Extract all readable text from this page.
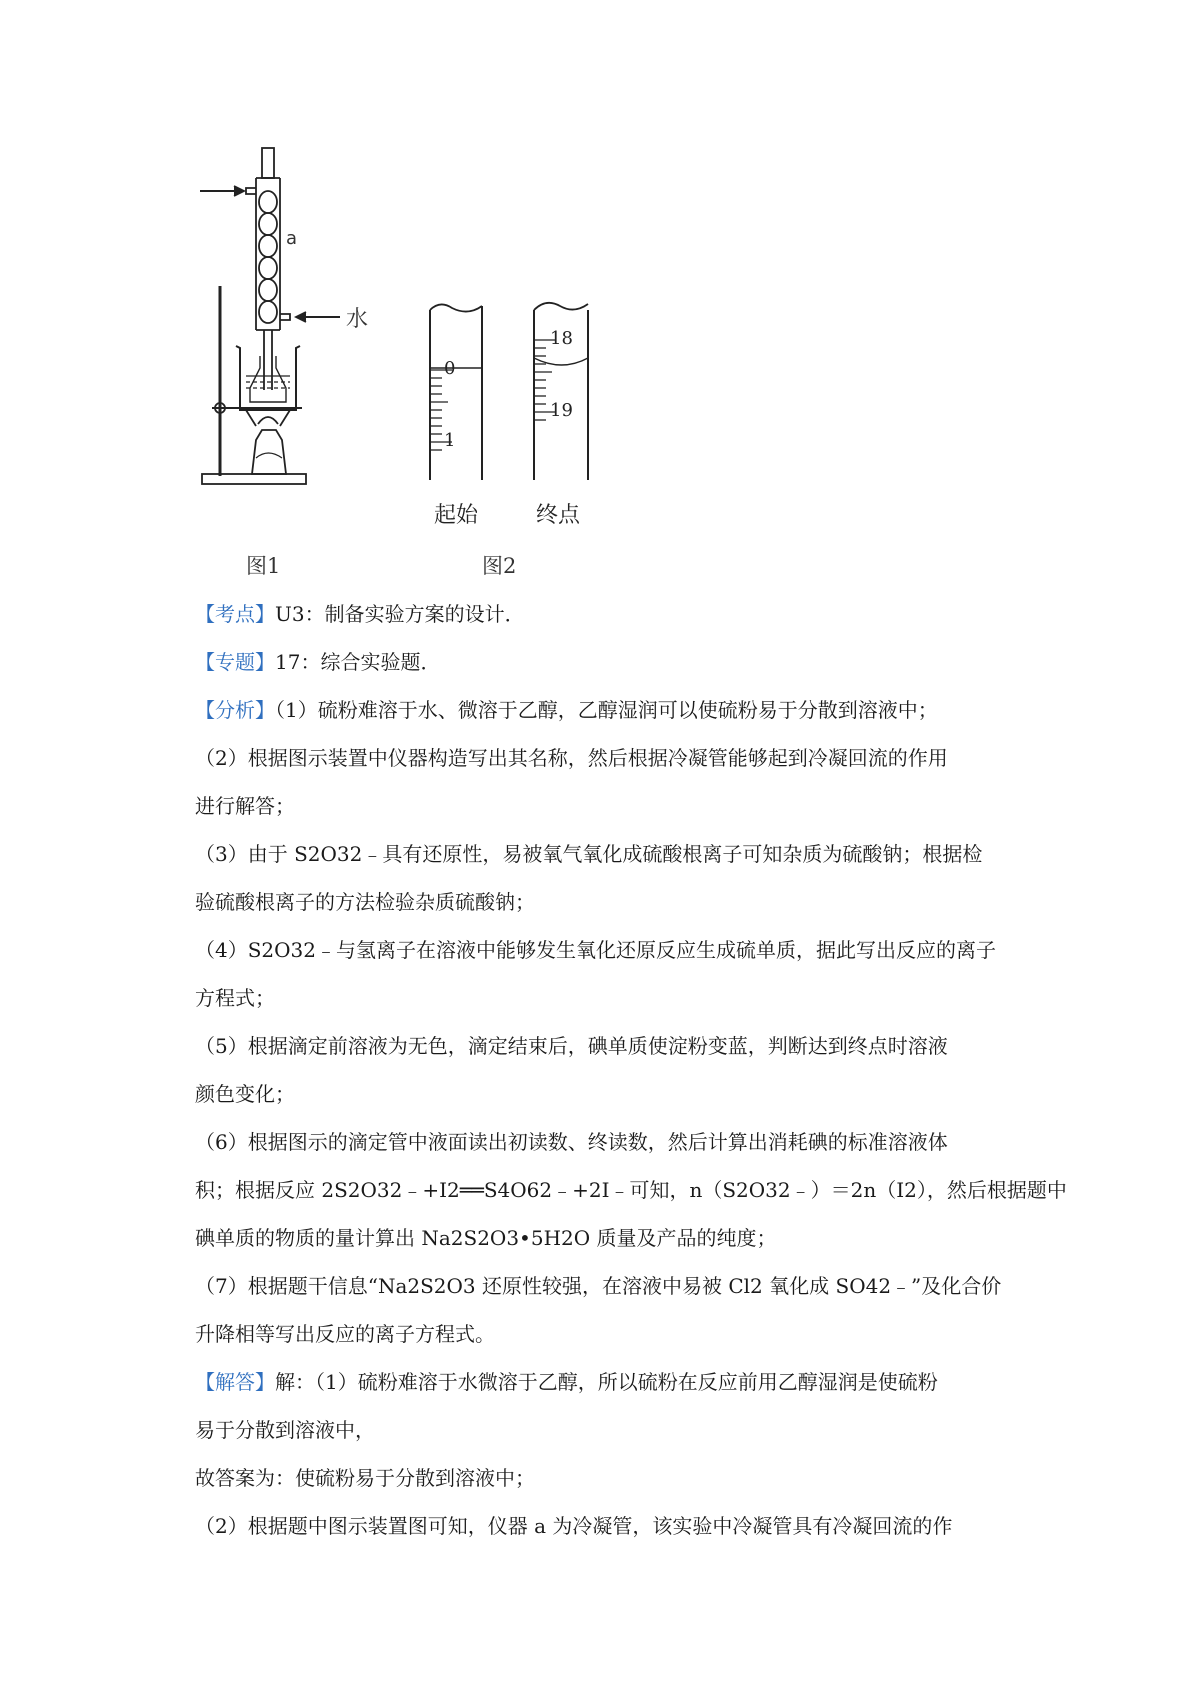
a
水
0
1
18
19
起始	终点
图1	图2
【考点】U3：制备实验方案的设计．
【专题】17：综合实验题．
【分析】（1）硫粉难溶于水、微溶于乙醇，乙醇湿润可以使硫粉易于分散到溶液中；
（2）根据图示装置中仪器构造写出其名称，然后根据冷凝管能够起到冷凝回流的作用
进行解答；
（3）由于 S2O32﹣具有还原性，易被氧气氧化成硫酸根离子可知杂质为硫酸钠；根据检
验硫酸根离子的方法检验杂质硫酸钠；
（4）S2O32﹣与氢离子在溶液中能够发生氧化还原反应生成硫单质，据此写出反应的离子
方程式；
（5）根据滴定前溶液为无色，滴定结束后，碘单质使淀粉变蓝，判断达到终点时溶液
颜色变化；
（6）根据图示的滴定管中液面读出初读数、终读数，然后计算出消耗碘的标准溶液体
积；根据反应 2S2O32﹣+I2══S4O62﹣+2I﹣可知，n（S2O32﹣）＝2n（I2），然后根据题中
碘单质的物质的量计算出 Na2S2O3•5H2O 质量及产品的纯度；
（7）根据题干信息“Na2S2O3 还原性较强，在溶液中易被 Cl2 氧化成 SO42﹣”及化合价
升降相等写出反应的离子方程式。
【解答】解：（1）硫粉难溶于水微溶于乙醇，所以硫粉在反应前用乙醇湿润是使硫粉
易于分散到溶液中，
故答案为：使硫粉易于分散到溶液中；
（2）根据题中图示装置图可知，仪器 a 为冷凝管，该实验中冷凝管具有冷凝回流的作
